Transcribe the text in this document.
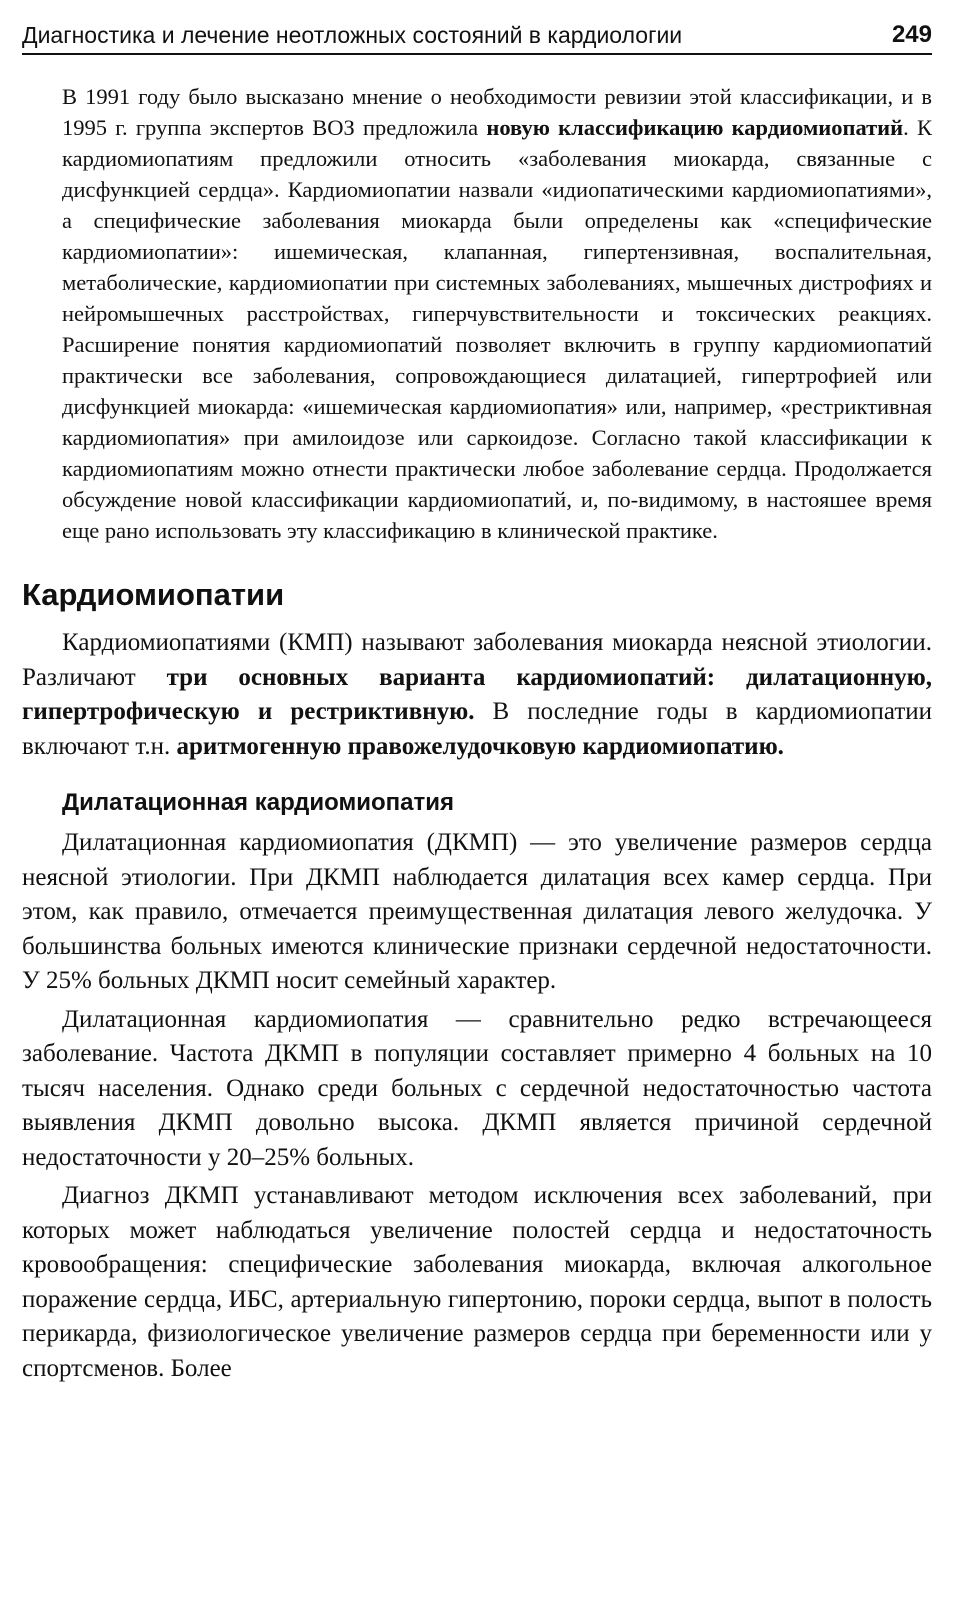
Диагностика и лечение неотложных состояний в кардиологии	249

В 1991 году было высказано мнение о необходимости ревизии этой классификации, и в 1995 г. группа экспертов ВОЗ предложила новую классификацию кардиомиопатий. К кардиомиопатиям предложили относить «заболевания миокарда, связанные с дисфункцией сердца». Кардиомиопатии назвали «идиопатическими кардиомиопатиями», а специфические заболевания миокарда были определены как «специфические кардиомиопатии»: ишемическая, клапанная, гипертензивная, воспалительная, метаболические, кардиомиопатии при системных заболеваниях, мышечных дистрофиях и нейромышечных расстройствах, гиперчувствительности и токсических реакциях. Расширение понятия кардиомиопатий позволяет включить в группу кардиомиопатий практически все заболевания, сопровождающиеся дилатацией, гипертрофией или дисфункцией миокарда: «ишемическая кардиомиопатия» или, например, «рестриктивная кардиомиопатия» при амилоидозе или саркоидозе. Согласно такой классификации к кардиомиопатиям можно отнести практически любое заболевание сердца. Продолжается обсуждение новой классификации кардиомиопатий, и, по-видимому, в настояшее время еще рано использовать эту классификацию в клинической практике.

Кардиомиопатии

Кардиомиопатиями (КМП) называют заболевания миокарда неясной этиологии. Различают три основных варианта кардиомиопатий: дилатационную, гипертрофическую и рестриктивную. В последние годы в кардиомиопатии включают т.н. аритмогенную правожелудочковую кардиомиопатию.

Дилатационная кардиомиопатия

Дилатационная кардиомиопатия (ДКМП) — это увеличение размеров сердца неясной этиологии. При ДКМП наблюдается дилатация всех камер сердца. При этом, как правило, отмечается преимущественная дилатация левого желудочка. У большинства больных имеются клинические признаки сердечной недостаточности. У 25% больных ДКМП носит семейный характер.

Дилатационная кардиомиопатия — сравнительно редко встречающееся заболевание. Частота ДКМП в популяции составляет примерно 4 больных на 10 тысяч населения. Однако среди больных с сердечной недостаточностью частота выявления ДКМП довольно высока. ДКМП является причиной сердечной недостаточности у 20–25% больных.

Диагноз ДКМП устанавливают методом исключения всех заболеваний, при которых может наблюдаться увеличение полостей сердца и недостаточность кровообращения: специфические заболевания миокарда, включая алкогольное поражение сердца, ИБС, артериальную гипертонию, пороки сердца, выпот в полость перикарда, физиологическое увеличение размеров сердца при беременности или у спортсменов. Более
